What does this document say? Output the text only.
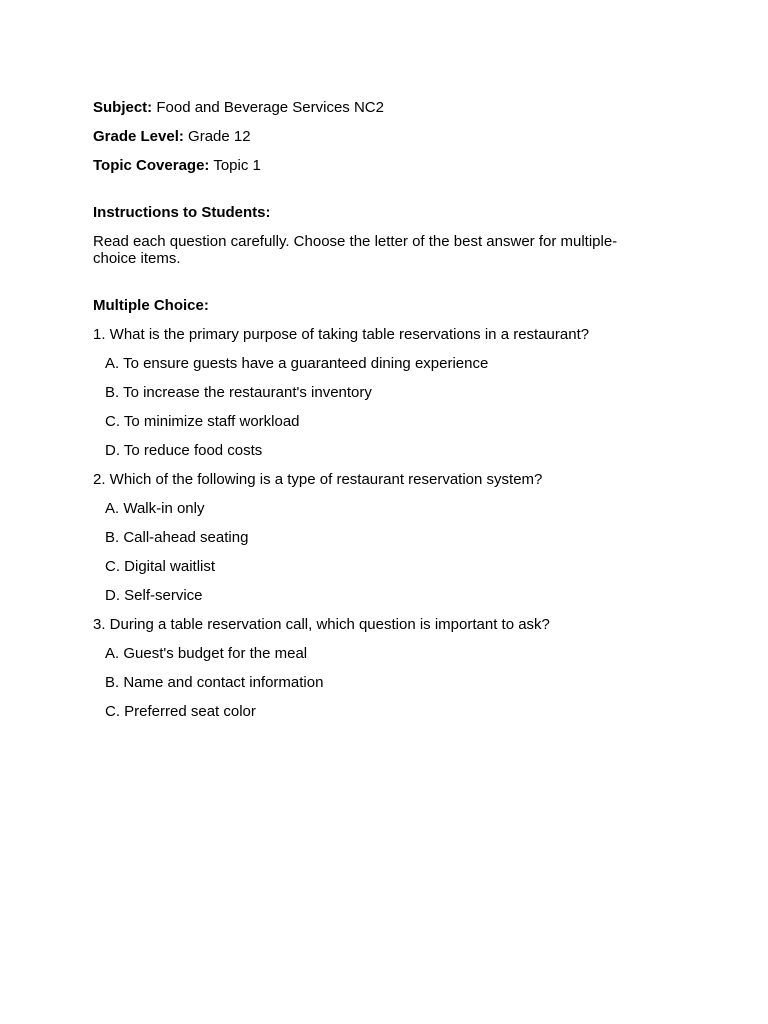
Subject: Food and Beverage Services NC2
Grade Level: Grade 12
Topic Coverage: Topic 1
Instructions to Students:
Read each question carefully. Choose the letter of the best answer for multiple-choice items.
Multiple Choice:
1. What is the primary purpose of taking table reservations in a restaurant?
A. To ensure guests have a guaranteed dining experience
B. To increase the restaurant's inventory
C. To minimize staff workload
D. To reduce food costs
2. Which of the following is a type of restaurant reservation system?
A. Walk-in only
B. Call-ahead seating
C. Digital waitlist
D. Self-service
3. During a table reservation call, which question is important to ask?
A. Guest's budget for the meal
B. Name and contact information
C. Preferred seat color
